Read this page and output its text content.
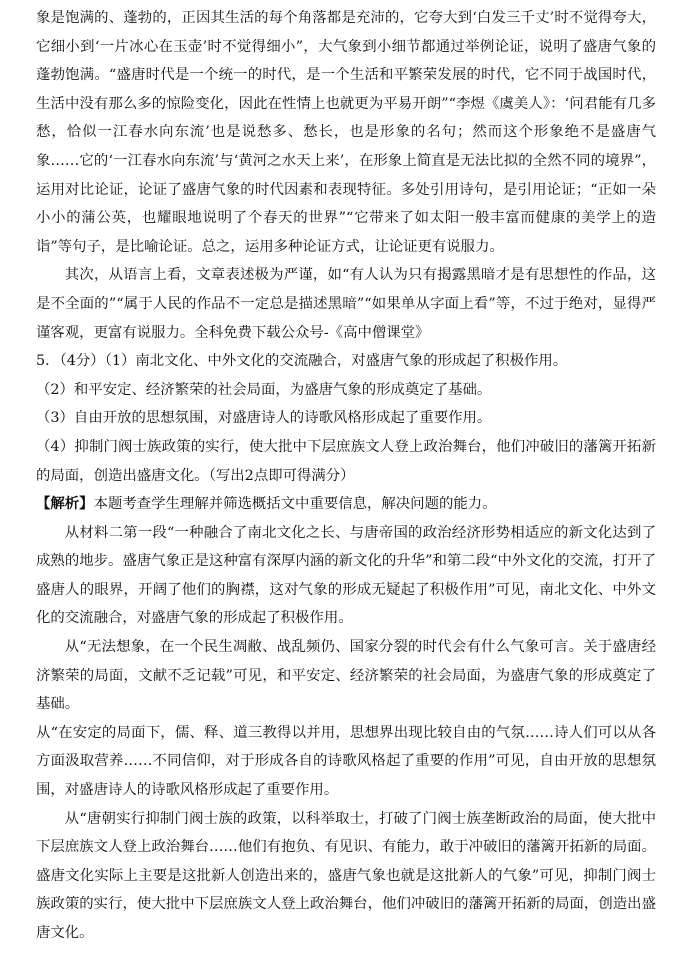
象是饱满的、蓬勃的，正因其生活的每个角落都是充沛的，它夸大到‘白发三千丈’时不觉得夸大，它细小到‘一片冰心在玉壶’时不觉得细小”，大气象到小细节都通过举例论证，说明了盛唐气象的蓬勃饱满。“盛唐时代是一个统一的时代，是一个生活和平繁荣发展的时代，它不同于战国时代，生活中没有那么多的惊险变化，因此在性情上也就更为平易开朗”“李煜《虞美人》：‘问君能有几多愁，恰似一江春水向东流’也是说愁多、愁长，也是形象的名句；然而这个形象绝不是盛唐气象……它的‘一江春水向东流’与‘黄河之水天上来’，在形象上简直是无法比拟的全然不同的境界”，运用对比论证，论证了盛唐气象的时代因素和表现特征。多处引用诗句，是引用论证；“正如一朵小小的蒲公英，也耀眼地说明了个春天的世界”“它带来了如太阳一般丰富而健康的美学上的造诣”等句子，是比喻论证。总之，运用多种论证方式，让论证更有说服力。

其次，从语言上看，文章表述极为严谨，如“有人认为只有揭露黑暗才是有思想性的作品，这是不全面的”“属于人民的作品不一定总是描述黑暗”“如果单从字面上看”等，不过于绝对，显得严谨客观，更富有说服力。全科免费下载公众号-《高中僧课堂》

5．（4分）（1）南北文化、中外文化的交流融合，对盛唐气象的形成起了积极作用。

（2）和平安定、经济繁荣的社会局面，为盛唐气象的形成奠定了基础。

（3）自由开放的思想氛围，对盛唐诗人的诗歌风格形成起了重要作用。

（4）抑制门阀士族政策的实行，使大批中下层庶族文人登上政治舞台，他们冲破旧的藩篱开拓新的局面，创造出盛唐文化。（写出2点即可得满分）

【解析】本题考查学生理解并筛选概括文中重要信息，解决问题的能力。

从材料二第一段“一种融合了南北文化之长、与唐帝国的政治经济形势相适应的新文化达到了成熟的地步。盛唐气象正是这种富有深厚内涵的新文化的升华”和第二段“中外文化的交流，打开了盛唐人的眼界，开阔了他们的胸襟，这对气象的形成无疑起了积极作用”可见，南北文化、中外文化的交流融合，对盛唐气象的形成起了积极作用。

从“无法想象，在一个民生凋敝、战乱频仍、国家分裂的时代会有什么气象可言。关于盛唐经济繁荣的局面，文献不乏记载”可见，和平安定、经济繁荣的社会局面，为盛唐气象的形成奠定了基础。

从“在安定的局面下，儒、释、道三教得以并用，思想界出现比较自由的气氛……诗人们可以从各方面汲取营养……不同信仰，对于形成各自的诗歌风格起了重要的作用”可见，自由开放的思想氛围，对盛唐诗人的诗歌风格形成起了重要作用。

从“唐朝实行抑制门阀士族的政策，以科举取士，打破了门阀士族垄断政治的局面，使大批中下层庶族文人登上政治舞台……他们有抱负、有见识、有能力，敢于冲破旧的藩篱开拓新的局面。盛唐文化实际上主要是这批新人创造出来的，盛唐气象也就是这批新人的气象”可见，抑制门阀士族政策的实行，使大批中下层庶族文人登上政治舞台，他们冲破旧的藩篱开拓新的局面，创造出盛唐文化。
